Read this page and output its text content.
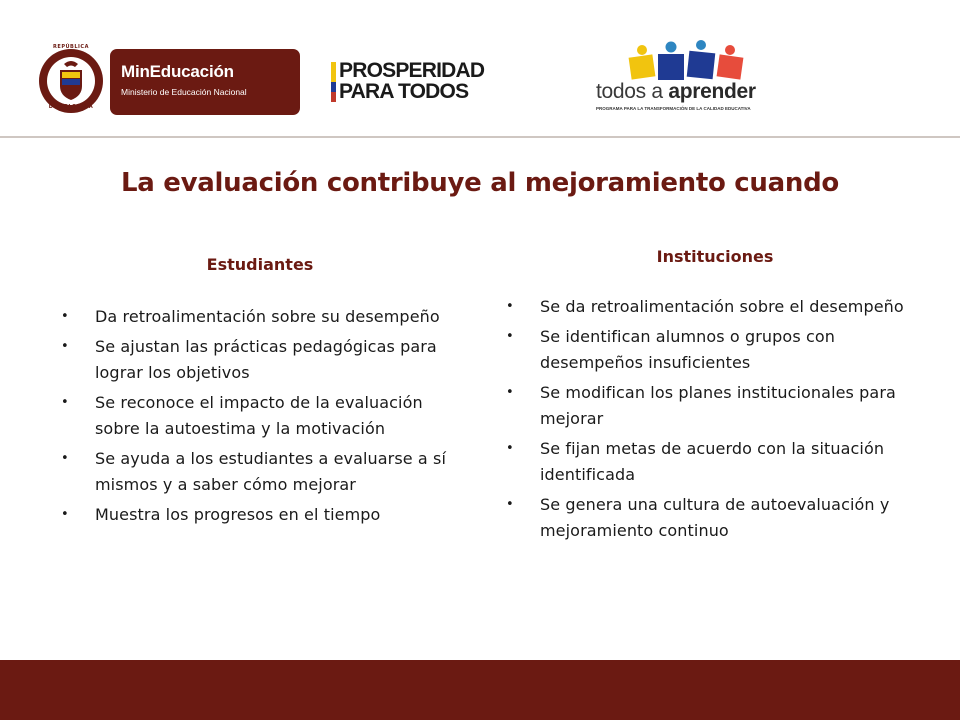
REPÚBLICA
DE COLOMBIA
MinEducación
Ministerio de Educación Nacional
PROSPERIDAD
PARA TODOS	todos a aprender
PROGRAMA PARA LA TRANSFORMACIÓN DE LA CALIDAD EDUCATIVA
La evaluación contribuye al mejoramiento cuando
Estudiantes
• Da retroalimentación sobre su desempeño
• Se ajustan las prácticas pedagógicas para lograr los objetivos
• Se reconoce el impacto de la evaluación sobre la autoestima y la motivación
• Se ayuda a los estudiantes a evaluarse a sí mismos y a saber cómo mejorar
• Muestra los progresos en el tiempo
Instituciones
• Se da retroalimentación sobre el desempeño
• Se identifican alumnos o grupos con desempeños insuficientes
• Se modifican los planes institucionales para mejorar
• Se fijan metas de acuerdo con la situación identificada
• Se genera una cultura de autoevaluación y mejoramiento continuo
